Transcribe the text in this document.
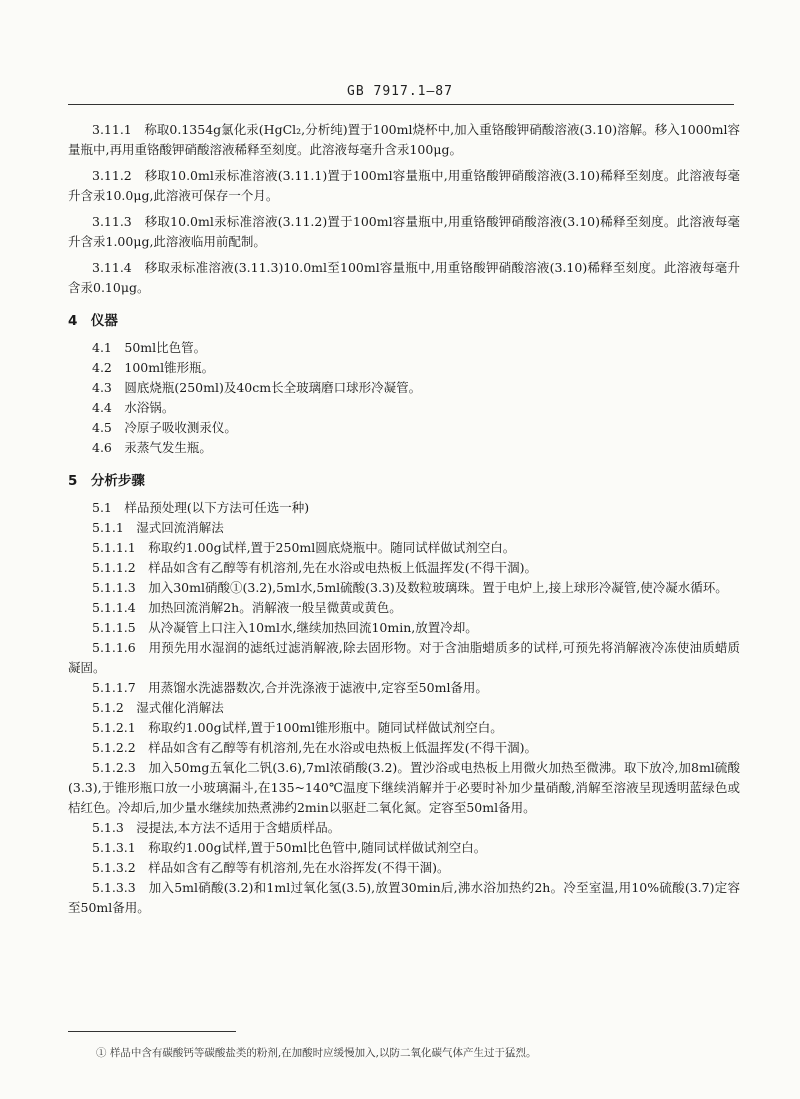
GB 7917.1—87

3.11.1　称取0.1354g氯化汞(HgCl₂,分析纯)置于100ml烧杯中,加入重铬酸钾硝酸溶液(3.10)溶解。移入1000ml容量瓶中,再用重铬酸钾硝酸溶液稀释至刻度。此溶液每毫升含汞100μg。

3.11.2　移取10.0ml汞标准溶液(3.11.1)置于100ml容量瓶中,用重铬酸钾硝酸溶液(3.10)稀释至刻度。此溶液每毫升含汞10.0μg,此溶液可保存一个月。

3.11.3　移取10.0ml汞标准溶液(3.11.2)置于100ml容量瓶中,用重铬酸钾硝酸溶液(3.10)稀释至刻度。此溶液每毫升含汞1.00μg,此溶液临用前配制。

3.11.4　移取汞标准溶液(3.11.3)10.0ml至100ml容量瓶中,用重铬酸钾硝酸溶液(3.10)稀释至刻度。此溶液每毫升含汞0.10μg。

4　仪器

4.1　50ml比色管。

4.2　100ml锥形瓶。

4.3　圆底烧瓶(250ml)及40cm长全玻璃磨口球形冷凝管。

4.4　水浴锅。

4.5　冷原子吸收测汞仪。

4.6　汞蒸气发生瓶。

5　分析步骤

5.1　样品预处理(以下方法可任选一种)

5.1.1　湿式回流消解法

5.1.1.1　称取约1.00g试样,置于250ml圆底烧瓶中。随同试样做试剂空白。

5.1.1.2　样品如含有乙醇等有机溶剂,先在水浴或电热板上低温挥发(不得干涸)。

5.1.1.3　加入30ml硝酸①(3.2),5ml水,5ml硫酸(3.3)及数粒玻璃珠。置于电炉上,接上球形冷凝管,使冷凝水循环。

5.1.1.4　加热回流消解2h。消解液一般呈微黄或黄色。

5.1.1.5　从冷凝管上口注入10ml水,继续加热回流10min,放置冷却。

5.1.1.6　用预先用水湿润的滤纸过滤消解液,除去固形物。对于含油脂蜡质多的试样,可预先将消解液冷冻使油质蜡质凝固。

5.1.1.7　用蒸馏水洗滤器数次,合并洗涤液于滤液中,定容至50ml备用。

5.1.2　湿式催化消解法

5.1.2.1　称取约1.00g试样,置于100ml锥形瓶中。随同试样做试剂空白。

5.1.2.2　样品如含有乙醇等有机溶剂,先在水浴或电热板上低温挥发(不得干涸)。

5.1.2.3　加入50mg五氧化二钒(3.6),7ml浓硝酸(3.2)。置沙浴或电热板上用微火加热至微沸。取下放冷,加8ml硫酸(3.3),于锥形瓶口放一小玻璃漏斗,在135~140℃温度下继续消解并于必要时补加少量硝酸,消解至溶液呈现透明蓝绿色或桔红色。冷却后,加少量水继续加热煮沸约2min以驱赶二氧化氮。定容至50ml备用。

5.1.3　浸提法,本方法不适用于含蜡质样品。

5.1.3.1　称取约1.00g试样,置于50ml比色管中,随同试样做试剂空白。

5.1.3.2　样品如含有乙醇等有机溶剂,先在水浴挥发(不得干涸)。

5.1.3.3　加入5ml硝酸(3.2)和1ml过氧化氢(3.5),放置30min后,沸水浴加热约2h。冷至室温,用10%硫酸(3.7)定容至50ml备用。

① 样品中含有碳酸钙等碳酸盐类的粉剂,在加酸时应缓慢加入,以防二氧化碳气体产生过于猛烈。
